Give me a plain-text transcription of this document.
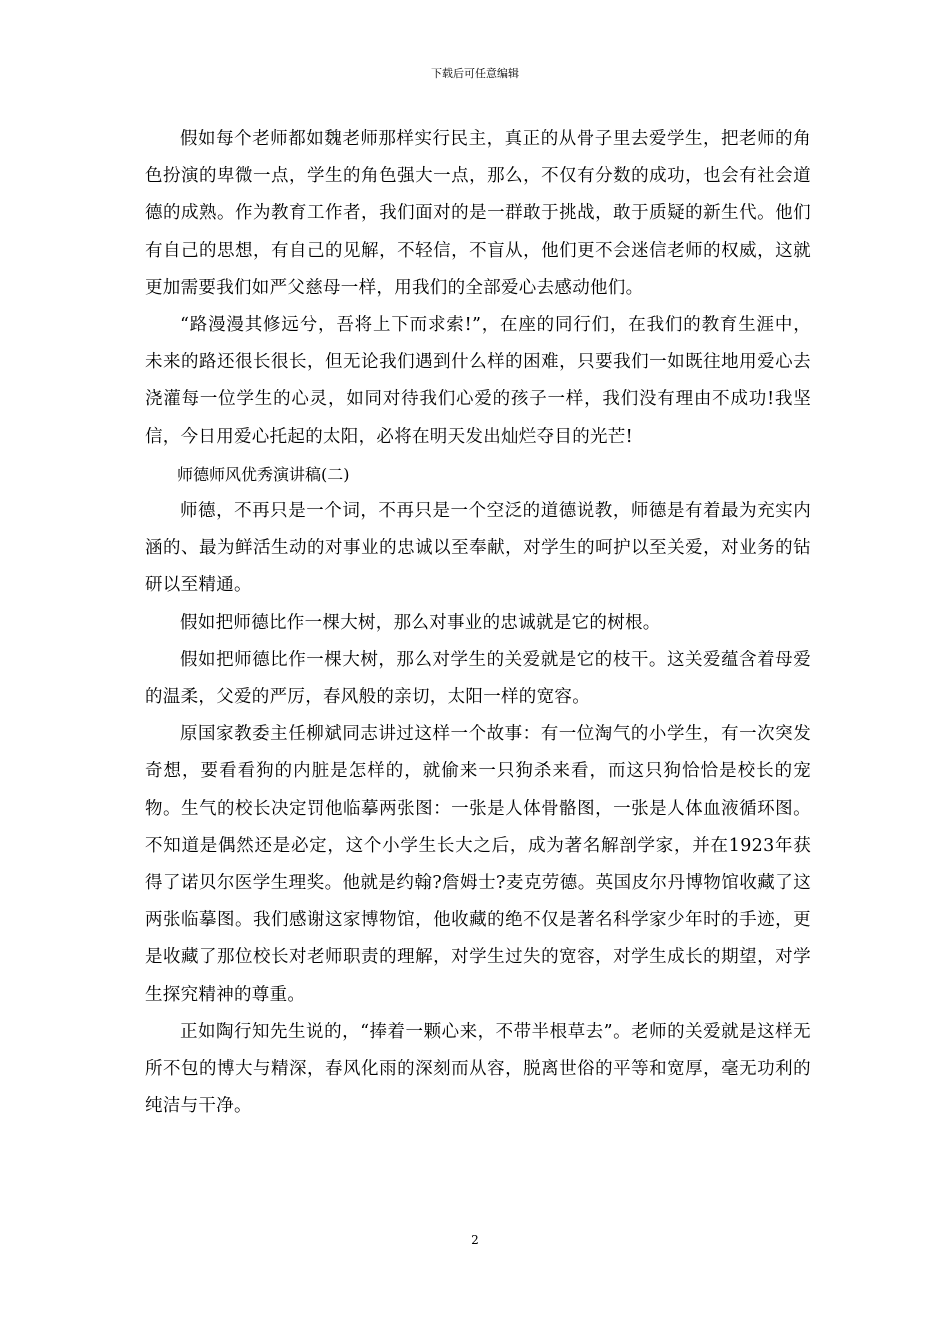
下载后可任意编辑

假如每个老师都如魏老师那样实行民主，真正的从骨子里去爱学生，把老师的角色扮演的卑微一点，学生的角色强大一点，那么，不仅有分数的成功，也会有社会道德的成熟。作为教育工作者，我们面对的是一群敢于挑战，敢于质疑的新生代。他们有自己的思想，有自己的见解，不轻信，不盲从，他们更不会迷信老师的权威，这就更加需要我们如严父慈母一样，用我们的全部爱心去感动他们。

“路漫漫其修远兮，吾将上下而求索!”，在座的同行们，在我们的教育生涯中，未来的路还很长很长，但无论我们遇到什么样的困难，只要我们一如既往地用爱心去浇灌每一位学生的心灵，如同对待我们心爱的孩子一样，我们没有理由不成功!我坚信，今日用爱心托起的太阳，必将在明天发出灿烂夺目的光芒!

师德师风优秀演讲稿(二)

师德，不再只是一个词，不再只是一个空泛的道德说教，师德是有着最为充实内涵的、最为鲜活生动的对事业的忠诚以至奉献，对学生的呵护以至关爱，对业务的钻研以至精通。

假如把师德比作一棵大树，那么对事业的忠诚就是它的树根。

假如把师德比作一棵大树，那么对学生的关爱就是它的枝干。这关爱蕴含着母爱的温柔，父爱的严厉，春风般的亲切，太阳一样的宽容。

原国家教委主任柳斌同志讲过这样一个故事：有一位淘气的小学生，有一次突发奇想，要看看狗的内脏是怎样的，就偷来一只狗杀来看，而这只狗恰恰是校长的宠物。生气的校长决定罚他临摹两张图：一张是人体骨骼图，一张是人体血液循环图。不知道是偶然还是必定，这个小学生长大之后，成为著名解剖学家，并在1923年获得了诺贝尔医学生理奖。他就是约翰?詹姆士?麦克劳德。英国皮尔丹博物馆收藏了这两张临摹图。我们感谢这家博物馆，他收藏的绝不仅是著名科学家少年时的手迹，更是收藏了那位校长对老师职责的理解，对学生过失的宽容，对学生成长的期望，对学生探究精神的尊重。

正如陶行知先生说的，“捧着一颗心来，不带半根草去”。老师的关爱就是这样无所不包的博大与精深，春风化雨的深刻而从容，脱离世俗的平等和宽厚，毫无功利的纯洁与干净。

2
